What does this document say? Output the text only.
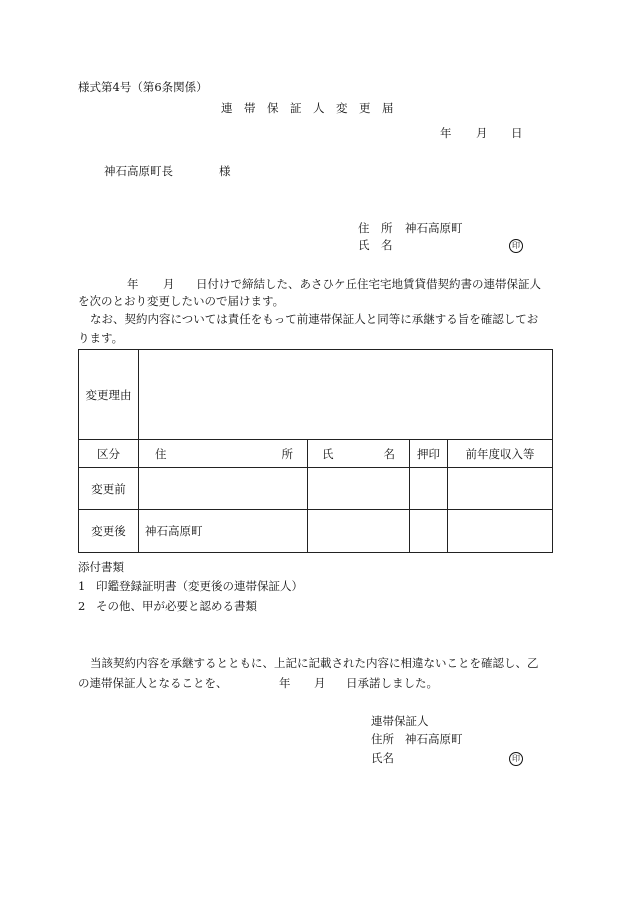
様式第4号（第6条関係）
連　帯　保　証　人　変　更　届
年 月 日
神石高原町長	様
住　所 神石高原町
氏　名	印
年 月 日付けで締結した、あさひケ丘住宅宅地賃貸借契約書の連帯保証人
を次のとおり変更したいので届けます。
なお、契約内容については責任をもって前連帯保証人と同等に承継する旨を確認してお
ります。
変更理由				
区分	住 所	氏 名	押印	前年度収入等
変更前				
変更後	神石高原町			
添付書類
1 印鑑登録証明書（変更後の連帯保証人）
2 その他、甲が必要と認める書類
当該契約内容を承継するとともに、上記に記載された内容に相違ないことを確認し、乙
の連帯保証人となることを、	年 月 日承諾しました。
連帯保証人
住所 神石高原町
氏名	印
